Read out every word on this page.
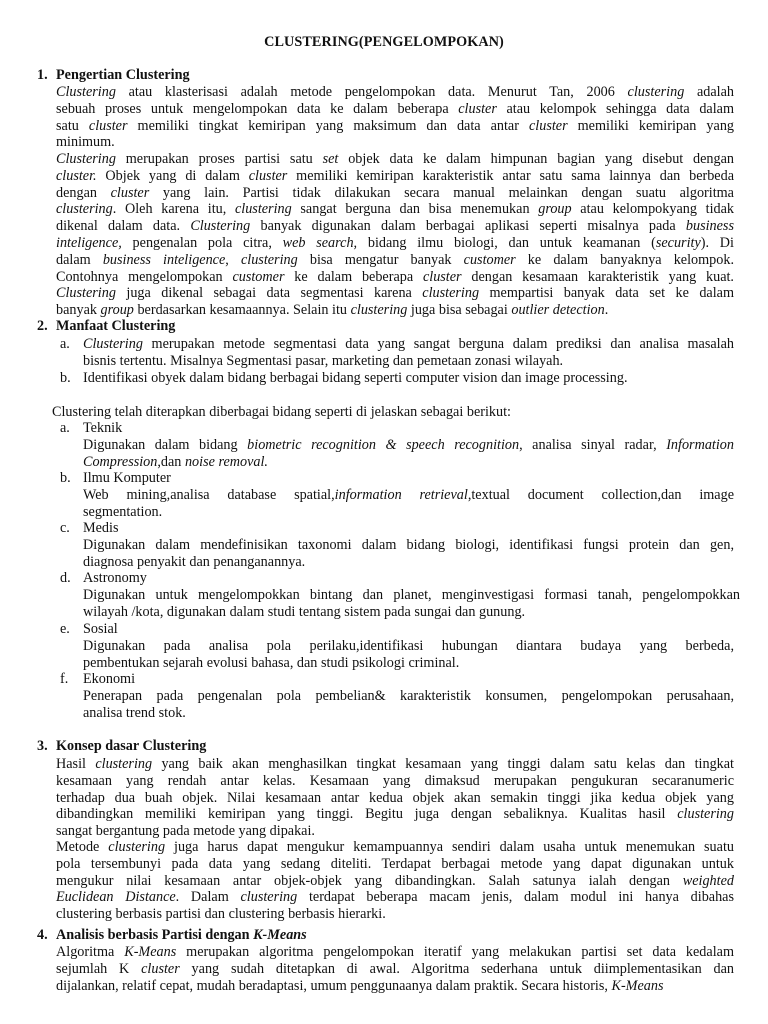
CLUSTERING(PENGELOMPOKAN)
1. Pengertian Clustering
Clustering atau klasterisasi adalah metode pengelompokan data. Menurut Tan, 2006 clustering adalah
sebuah proses untuk mengelompokan data ke dalam beberapa cluster atau kelompok sehingga data dalam
satu cluster memiliki tingkat kemiripan yang maksimum dan data antar cluster memiliki kemiripan yang
minimum.
Clustering merupakan proses partisi satu set objek data ke dalam himpunan bagian yang disebut dengan
cluster. Objek yang di dalam cluster memiliki kemiripan karakteristik antar satu sama lainnya dan berbeda
dengan cluster yang lain. Partisi tidak dilakukan secara manual melainkan dengan suatu algoritma
clustering. Oleh karena itu, clustering sangat berguna dan bisa menemukan group atau kelompokyang tidak
dikenal dalam data. Clustering banyak digunakan dalam berbagai aplikasi seperti misalnya pada business
inteligence, pengenalan pola citra, web search, bidang ilmu biologi, dan untuk keamanan (security). Di
dalam business inteligence, clustering bisa mengatur banyak customer ke dalam banyaknya kelompok.
Contohnya mengelompokan customer ke dalam beberapa cluster dengan kesamaan karakteristik yang kuat.
Clustering juga dikenal sebagai data segmentasi karena clustering mempartisi banyak data set ke dalam
banyak group berdasarkan kesamaannya. Selain itu clustering juga bisa sebagai outlier detection.
2. Manfaat Clustering
a. Clustering merupakan metode segmentasi data yang sangat berguna dalam prediksi dan analisa masalah
bisnis tertentu. Misalnya Segmentasi pasar, marketing dan pemetaan zonasi wilayah.
b. Identifikasi obyek dalam bidang berbagai bidang seperti computer vision dan image processing.
Clustering telah diterapkan diberbagai bidang seperti di jelaskan sebagai berikut:
a. Teknik
Digunakan dalam bidang biometric recognition & speech recognition, analisa sinyal radar, Information
Compression,dan noise removal.
b. Ilmu Komputer
Web mining,analisa database spatial,information retrieval,textual document collection,dan image
segmentation.
c. Medis
Digunakan dalam mendefinisikan taxonomi dalam bidang biologi, identifikasi fungsi protein dan gen,
diagnosa penyakit dan penanganannya.
d. Astronomy
Digunakan untuk mengelompokkan bintang dan planet, menginvestigasi formasi tanah, pengelompokkan
wilayah /kota, digunakan dalam studi tentang sistem pada sungai dan gunung.
e. Sosial
Digunakan pada analisa pola perilaku,identifikasi hubungan diantara budaya yang berbeda,
pembentukan sejarah evolusi bahasa, dan studi psikologi criminal.
f. Ekonomi
Penerapan pada pengenalan pola pembelian& karakteristik konsumen, pengelompokan perusahaan,
analisa trend stok.
3. Konsep dasar Clustering
Hasil clustering yang baik akan menghasilkan tingkat kesamaan yang tinggi dalam satu kelas dan tingkat
kesamaan yang rendah antar kelas. Kesamaan yang dimaksud merupakan pengukuran secaranumeric
terhadap dua buah objek. Nilai kesamaan antar kedua objek akan semakin tinggi jika kedua objek yang
dibandingkan memiliki kemiripan yang tinggi. Begitu juga dengan sebaliknya. Kualitas hasil clustering
sangat bergantung pada metode yang dipakai.
Metode clustering juga harus dapat mengukur kemampuannya sendiri dalam usaha untuk menemukan suatu
pola tersembunyi pada data yang sedang diteliti. Terdapat berbagai metode yang dapat digunakan untuk
mengukur nilai kesamaan antar objek-objek yang dibandingkan. Salah satunya ialah dengan weighted
Euclidean Distance. Dalam clustering terdapat beberapa macam jenis, dalam modul ini hanya dibahas
clustering berbasis partisi dan clustering berbasis hierarki.
4. Analisis berbasis Partisi dengan K-Means
Algoritma K-Means merupakan algoritma pengelompokan iteratif yang melakukan partisi set data kedalam
sejumlah K cluster yang sudah ditetapkan di awal. Algoritma sederhana untuk diimplementasikan dan
dijalankan, relatif cepat, mudah beradaptasi, umum penggunaanya dalam praktik. Secara historis, K-Means
